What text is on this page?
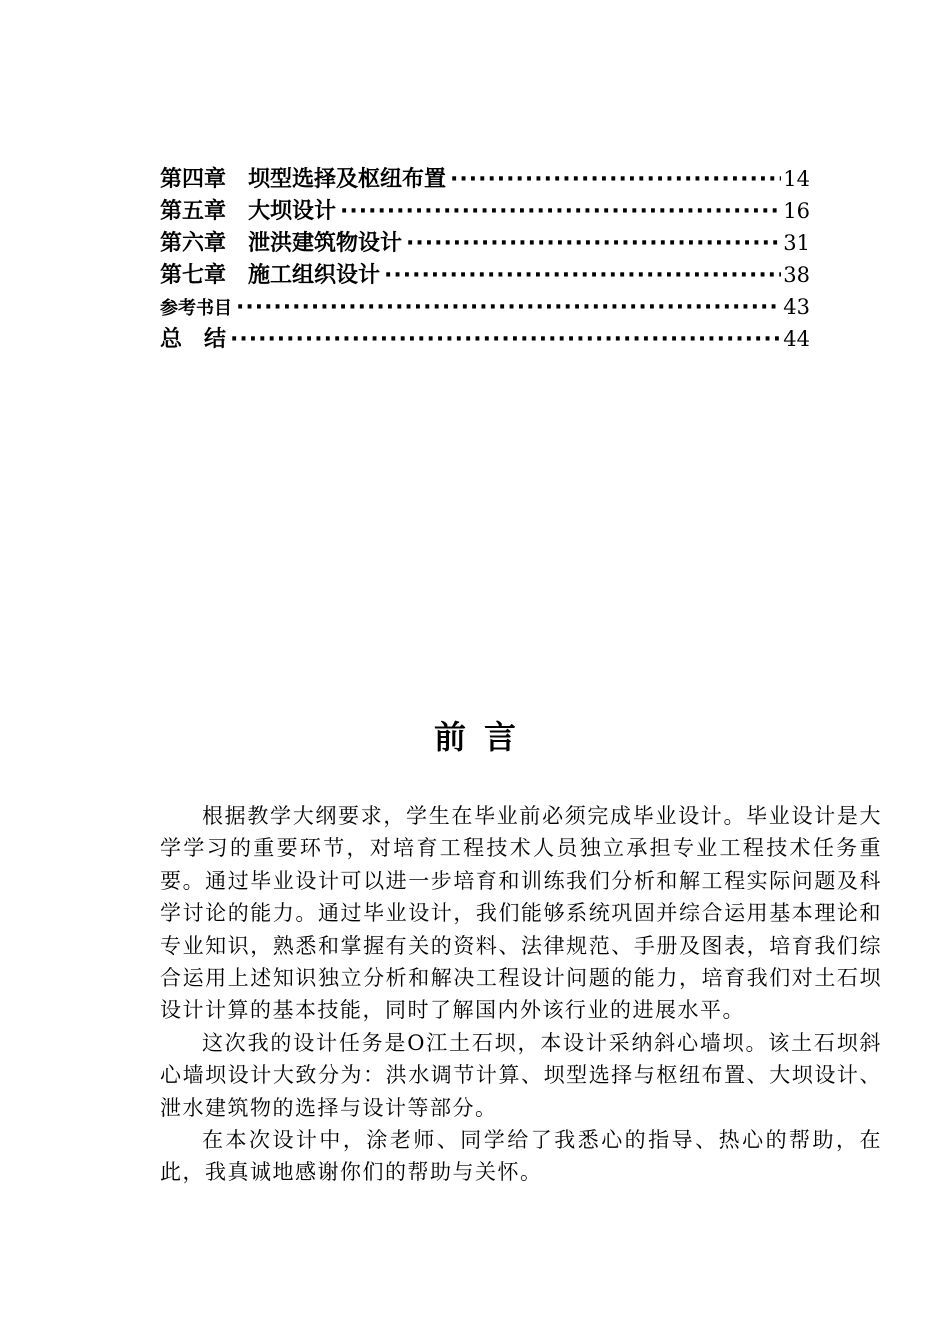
第四章　坝型选择及枢纽布置 ·····	14
第五章　大坝设计 ·····	16
第六章　泄洪建筑物设计 ·····	31
第七章　施工组织设计 ·····	38
参考书目 ·····	43
总　结 ·····	44
前言

根据教学大纲要求，学生在毕业前必须完成毕业设计。毕业设计是大学学习的重要环节，对培育工程技术人员独立承担专业工程技术任务重要。通过毕业设计可以进一步培育和训练我们分析和解工程实际问题及科学讨论的能力。通过毕业设计，我们能够系统巩固并综合运用基本理论和专业知识，熟悉和掌握有关的资料、法律规范、手册及图表，培育我们综合运用上述知识独立分析和解决工程设计问题的能力，培育我们对土石坝设计计算的基本技能，同时了解国内外该行业的进展水平。

这次我的设计任务是O江土石坝，本设计采纳斜心墙坝。该土石坝斜心墙坝设计大致分为：洪水调节计算、坝型选择与枢纽布置、大坝设计、泄水建筑物的选择与设计等部分。

在本次设计中，涂老师、同学给了我悉心的指导、热心的帮助，在此，我真诚地感谢你们的帮助与关怀。
